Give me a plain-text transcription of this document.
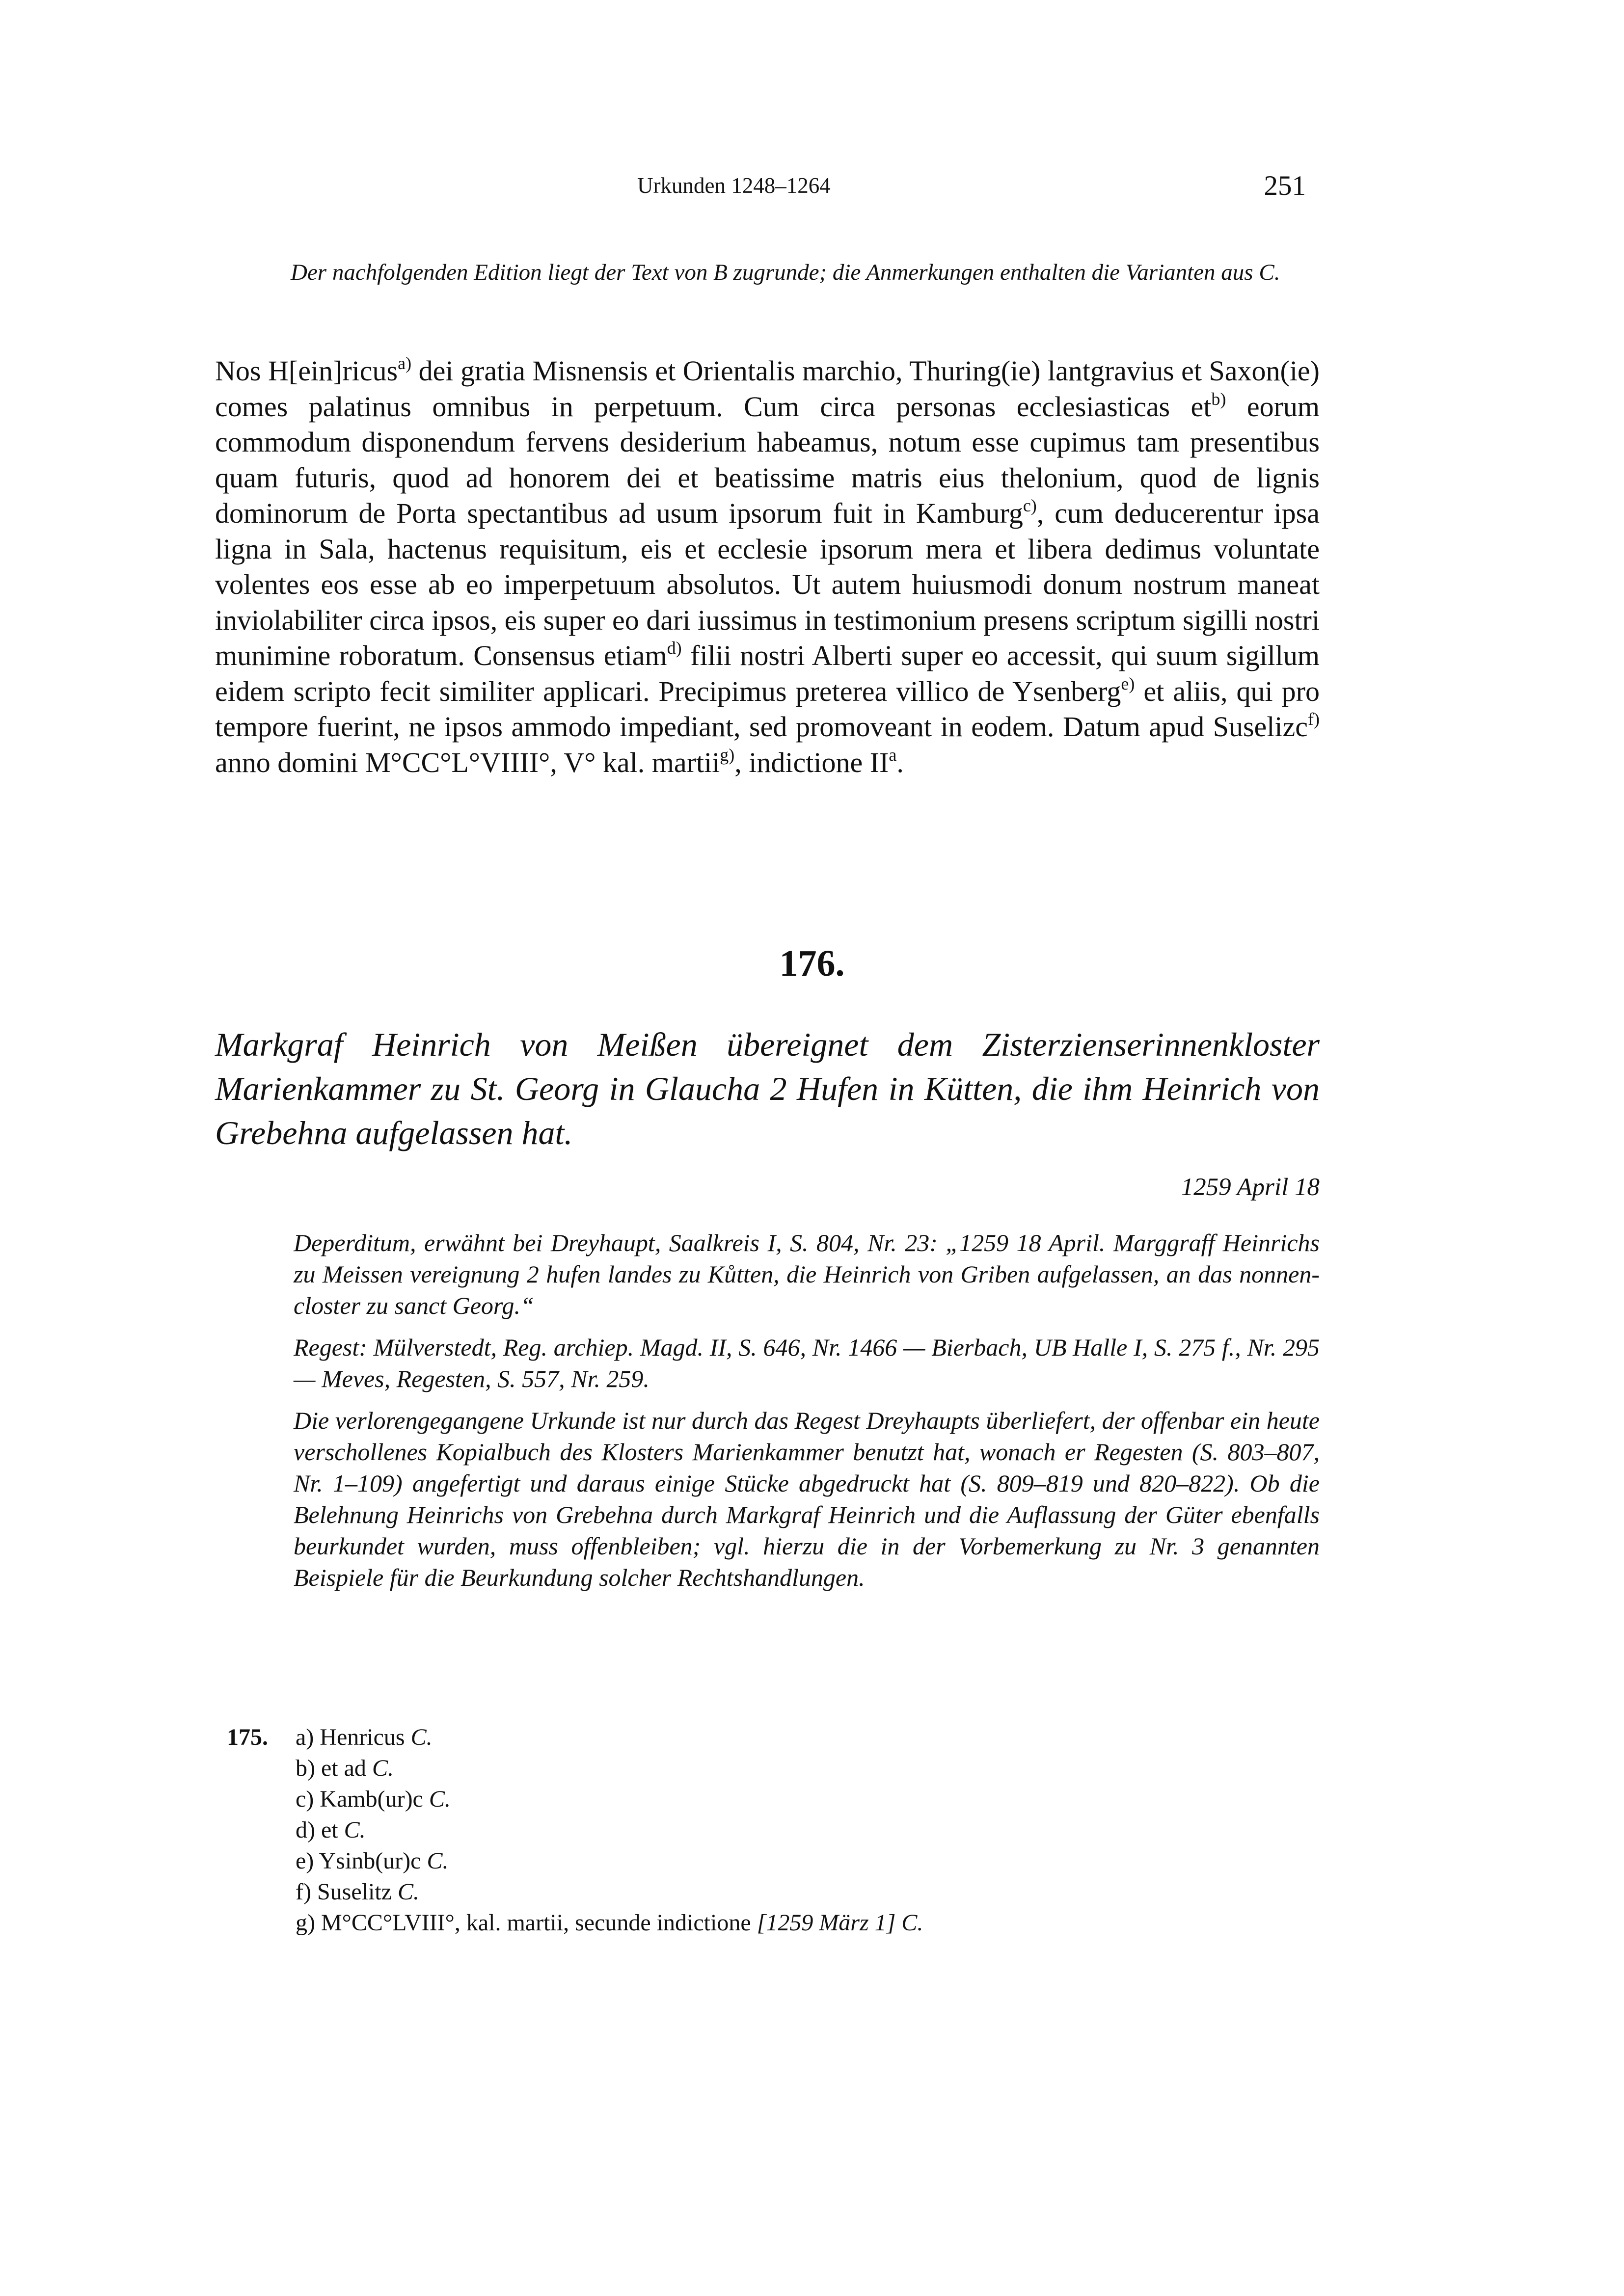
Urkunden 1248–1264	251

Der nachfolgenden Edition liegt der Text von B zugrunde; die Anmerkungen enthalten die Varianten aus C.

Nos H[ein]ricus$^{a)}$ dei gratia Misnensis et Orientalis marchio, Thuring(ie) lantgravius et Saxon(ie) comes palatinus omnibus in perpetuum. Cum circa personas ecclesiasticas $et^{b)}$ eorum commodum disponendum fervens desiderium habeamus, notum esse cupimus tam presentibus quam futuris, quod ad honorem dei et beatissime matris eius thelonium, quod de lignis dominorum de Porta spectantibus ad usum ipsorum fuit in Kamburg$^{c)}$, cum deducerentur ipsa ligna in Sala, hactenus requisitum, eis et ecclesie ipsorum mera et libera dedimus voluntate volentes eos esse ab eo imperpetuum absolutos. Ut autem huiusmodi donum nostrum maneat inviolabiliter circa ipsos, eis super eo dari iussimus in testimonium presens scriptum sigilli nostri munimine roboratum. Consensus etiam$^{d)}$ filii nostri Alberti super eo accessit, qui suum sigillum eidem scripto fecit similiter applicari. Precipimus preterea villico de Ysenberg$^{e)}$ et aliis, qui pro tempore fuerint, ne ipsos ammodo impediant, sed promoveant in eodem. Datum apud Suselizc$^{f)}$ anno domini M°CC°L°VIIII°, V° kal. martii$^{g)}$, indictione $II^a$.

176.

Markgraf Heinrich von Meißen übereignet dem Zisterzienserinnenkloster Marienkammer zu St. Georg in Glaucha 2 Hufen in Kütten, die ihm Heinrich von Grebehna aufgelassen hat.

1259 April 18

Deperditum, erwähnt bei Dreyhaupt, Saalkreis I, S. 804, Nr. 23: „1259 18 April. Marggraff Heinrichs zu Meissen vereignung 2 hufen landes zu Kůtten, die Heinrich von Griben aufgelassen, an das nonnen-closter zu sanct Georg.“

Regest: Mülverstedt, Reg. archiep. Magd. II, S. 646, Nr. 1466 — Bierbach, UB Halle I, S. 275 f., Nr. 295 — Meves, Regesten, S. 557, Nr. 259.

Die verlorengegangene Urkunde ist nur durch das Regest Dreyhaupts überliefert, der offenbar ein heute verschollenes Kopialbuch des Klosters Marienkammer benutzt hat, wonach er Regesten (S. 803–807, Nr. 1–109) angefertigt und daraus einige Stücke abgedruckt hat (S. 809–819 und 820–822). Ob die Belehnung Heinrichs von Grebehna durch Markgraf Heinrich und die Auflassung der Güter ebenfalls beurkundet wurden, muss offenbleiben; vgl. hierzu die in der Vorbemerkung zu Nr. 3 genannten Beispiele für die Beurkundung solcher Rechtshandlungen.

175. a) Henricus C.
b) et ad C.
c) Kamb(ur)c C.
d) et C.
e) Ysinb(ur)c C.
f) Suselitz C.
g) M°CC°LVIII°, kal. martii, secunde indictione [1259 März 1] C.
